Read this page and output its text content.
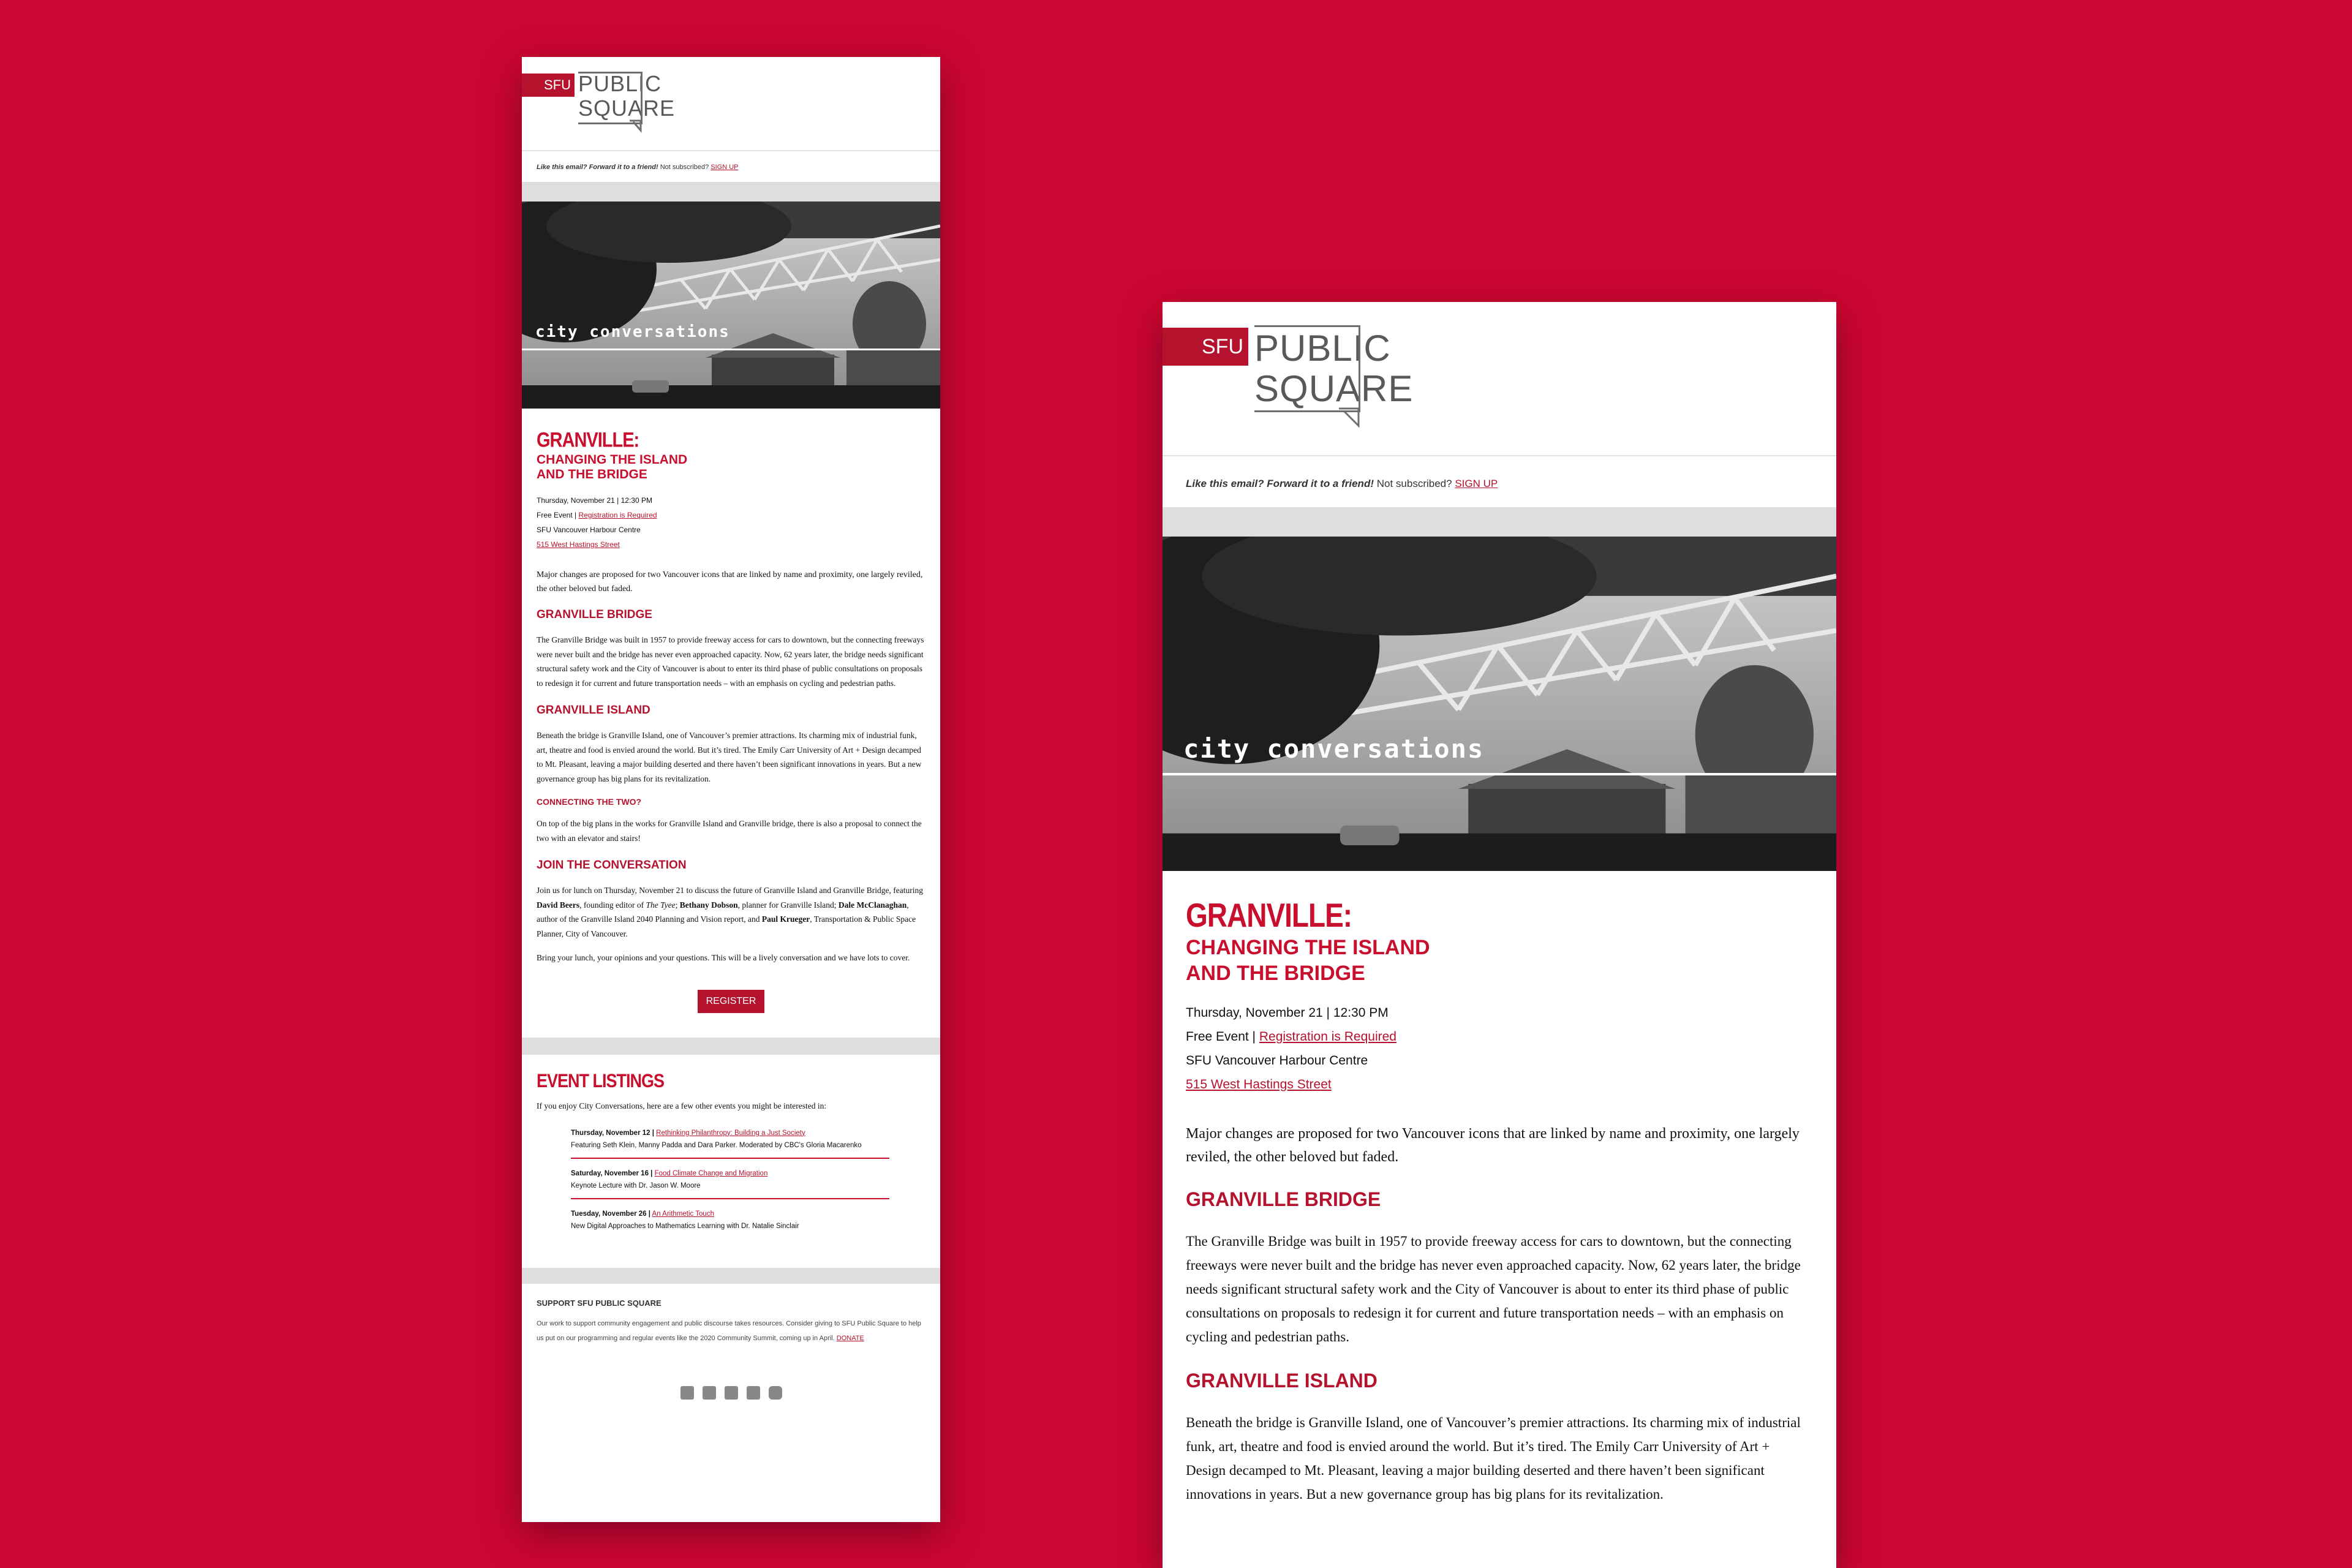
SFU PUBLIC
SQUARE
Like this email? Forward it to a friend! Not subscribed? SIGN UP
city conversations
GRANVILLE:
CHANGING THE ISLAND
AND THE BRIDGE
Thursday, November 21 | 12:30 PM
Free Event | Registration is Required
SFU Vancouver Harbour Centre
515 West Hastings Street

Major changes are proposed for two Vancouver icons that are linked by name and proximity, one largely reviled, the other beloved but faded.

GRANVILLE BRIDGE

The Granville Bridge was built in 1957 to provide freeway access for cars to downtown, but the connecting freeways were never built and the bridge has never even approached capacity. Now, 62 years later, the bridge needs significant structural safety work and the City of Vancouver is about to enter its third phase of public consultations on proposals to redesign it for current and future transportation needs – with an emphasis on cycling and pedestrian paths.

GRANVILLE ISLAND

Beneath the bridge is Granville Island, one of Vancouver’s premier attractions. Its charming mix of industrial funk, art, theatre and food is envied around the world. But it’s tired. The Emily Carr University of Art + Design decamped to Mt. Pleasant, leaving a major building deserted and there haven’t been significant innovations in years. But a new governance group has big plans for its revitalization.

CONNECTING THE TWO?

On top of the big plans in the works for Granville Island and Granville bridge, there is also a proposal to connect the two with an elevator and stairs!

JOIN THE CONVERSATION

Join us for lunch on Thursday, November 21 to discuss the future of Granville Island and Granville Bridge, featuring David Beers, founding editor of The Tyee; Bethany Dobson, planner for Granville Island; Dale McClanaghan, author of the Granville Island 2040 Planning and Vision report, and Paul Krueger, Transportation & Public Space Planner, City of Vancouver.

Bring your lunch, your opinions and your questions. This will be a lively conversation and we have lots to cover.

REGISTER
EVENT LISTINGS

If you enjoy City Conversations, here are a few other events you might be interested in:

Thursday, November 12 | Rethinking Philanthropy: Building a Just Society
Featuring Seth Klein, Manny Padda and Dara Parker. Moderated by CBC's Gloria Macarenko
Saturday, November 16 | Food Climate Change and Migration
Keynote Lecture with Dr. Jason W. Moore
Tuesday, November 26 | An Arithmetic Touch
New Digital Approaches to Mathematics Learning with Dr. Natalie Sinclair
SUPPORT SFU PUBLIC SQUARE

Our work to support community engagement and public discourse takes resources. Consider giving to SFU Public Square to help us put on our programming and regular events like the 2020 Community Summit, coming up in April. DONATE

SFU PUBLIC
SQUARE
Like this email? Forward it to a friend! Not subscribed? SIGN UP
city conversations
GRANVILLE:
CHANGING THE ISLAND
AND THE BRIDGE
Thursday, November 21 | 12:30 PM
Free Event | Registration is Required
SFU Vancouver Harbour Centre
515 West Hastings Street

Major changes are proposed for two Vancouver icons that are linked by name and proximity, one largely reviled, the other beloved but faded.

GRANVILLE BRIDGE

The Granville Bridge was built in 1957 to provide freeway access for cars to downtown, but the connecting freeways were never built and the bridge has never even approached capacity. Now, 62 years later, the bridge needs significant structural safety work and the City of Vancouver is about to enter its third phase of public consultations on proposals to redesign it for current and future transportation needs – with an emphasis on cycling and pedestrian paths.

GRANVILLE ISLAND

Beneath the bridge is Granville Island, one of Vancouver’s premier attractions. Its charming mix of industrial funk, art, theatre and food is envied around the world. But it’s tired. The Emily Carr University of Art + Design decamped to Mt. Pleasant, leaving a major building deserted and there haven’t been significant innovations in years. But a new governance group has big plans for its revitalization.
